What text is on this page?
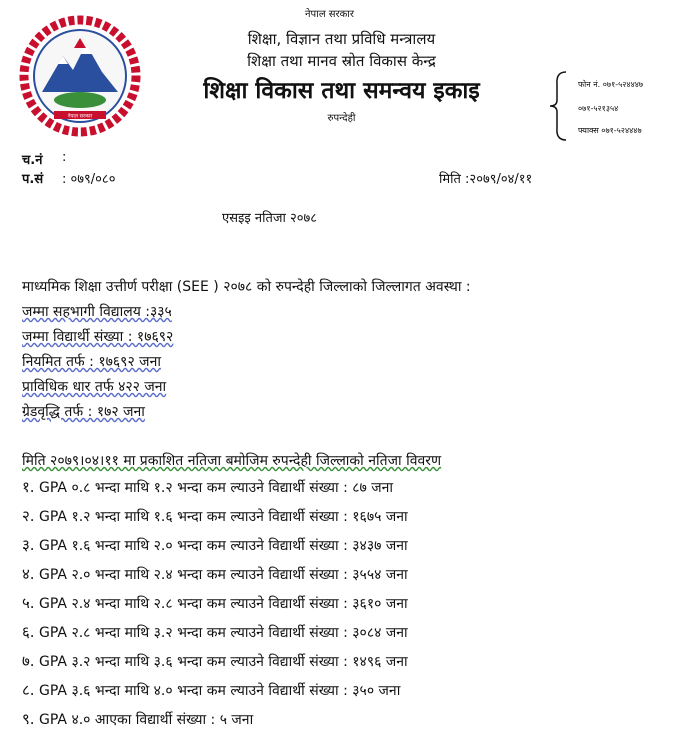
नेपाल सरकार
नेपाल सरकार
शिक्षा, विज्ञान तथा प्रविधि मन्त्रालय
शिक्षा तथा मानव स्रोत विकास केन्द्र
शिक्षा विकास तथा समन्वय इकाइ
रुपन्देही
फोन नं. ०७१-५२४४४७
०७१-५२१३५४
फ्याक्स ०७१-५२४४४७
च.नं :
प.सं : ०७९/०८०	मिति :२०७९/०४/११
एसइइ नतिजा २०७८
माध्यमिक शिक्षा उत्तीर्ण परीक्षा (SEE ) २०७८ को रुपन्देही जिल्लाको जिल्लागत अवस्था :
जम्मा सहभागी विद्यालय :३३५
जम्मा विद्यार्थी संख्या : १७६९२
नियमित तर्फ : १७६९२ जना
प्राविधिक धार तर्फ ४२२ जना
ग्रेडवृद्धि तर्फ : १७२ जना
मिति २०७९।०४।११ मा प्रकाशित नतिजा बमोजिम रुपन्देही जिल्लाको नतिजा विवरण
१. GPA ०.८ भन्दा माथि १.२ भन्दा कम ल्याउने विद्यार्थी संख्या : ८७ जना
२. GPA १.२ भन्दा माथि १.६ भन्दा कम ल्याउने विद्यार्थी संख्या : १६७५ जना
३. GPA १.६ भन्दा माथि २.० भन्दा कम ल्याउने विद्यार्थी संख्या : ३४३७ जना
४. GPA २.० भन्दा माथि २.४ भन्दा कम ल्याउने विद्यार्थी संख्या : ३५५४ जना
५. GPA २.४ भन्दा माथि २.८ भन्दा कम ल्याउने विद्यार्थी संख्या : ३६१० जना
६. GPA २.८ भन्दा माथि ३.२ भन्दा कम ल्याउने विद्यार्थी संख्या : ३०८४ जना
७. GPA ३.२ भन्दा माथि ३.६ भन्दा कम ल्याउने विद्यार्थी संख्या : १४९६ जना
८. GPA ३.६ भन्दा माथि ४.० भन्दा कम ल्याउने विद्यार्थी संख्या : ३५० जना
९. GPA ४.० आएका विद्यार्थी संख्या : ५ जना
